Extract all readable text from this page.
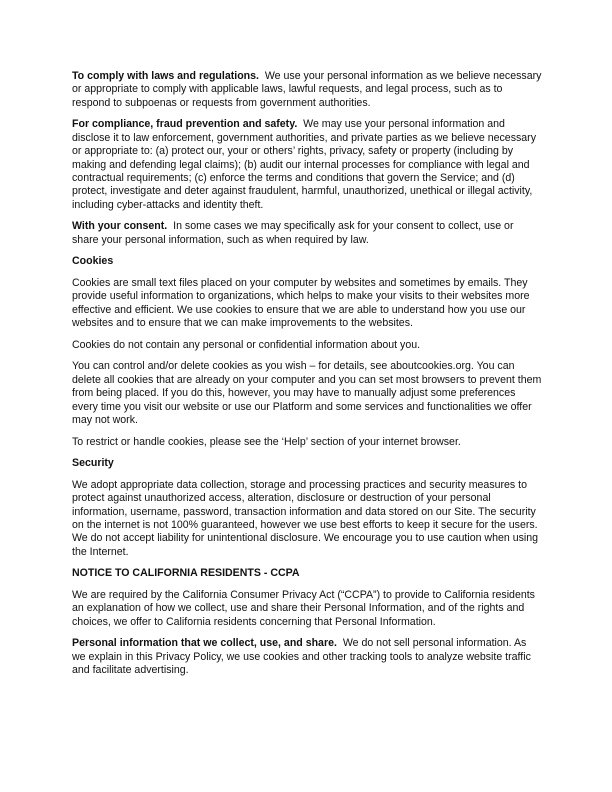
To comply with laws and regulations. We use your personal information as we believe necessary or appropriate to comply with applicable laws, lawful requests, and legal process, such as to respond to subpoenas or requests from government authorities.

For compliance, fraud prevention and safety. We may use your personal information and disclose it to law enforcement, government authorities, and private parties as we believe necessary or appropriate to: (a) protect our, your or others’ rights, privacy, safety or property (including by making and defending legal claims); (b) audit our internal processes for compliance with legal and contractual requirements; (c) enforce the terms and conditions that govern the Service; and (d) protect, investigate and deter against fraudulent, harmful, unauthorized, unethical or illegal activity, including cyber-attacks and identity theft.

With your consent. In some cases we may specifically ask for your consent to collect, use or share your personal information, such as when required by law.

Cookies

Cookies are small text files placed on your computer by websites and sometimes by emails. They provide useful information to organizations, which helps to make your visits to their websites more effective and efficient. We use cookies to ensure that we are able to understand how you use our websites and to ensure that we can make improvements to the websites.

Cookies do not contain any personal or confidential information about you.

You can control and/or delete cookies as you wish – for details, see aboutcookies.org. You can delete all cookies that are already on your computer and you can set most browsers to prevent them from being placed. If you do this, however, you may have to manually adjust some preferences every time you visit our website or use our Platform and some services and functionalities we offer may not work.

To restrict or handle cookies, please see the ‘Help’ section of your internet browser.

Security

We adopt appropriate data collection, storage and processing practices and security measures to protect against unauthorized access, alteration, disclosure or destruction of your personal information, username, password, transaction information and data stored on our Site. The security on the internet is not 100% guaranteed, however we use best efforts to keep it secure for the users. We do not accept liability for unintentional disclosure. We encourage you to use caution when using the Internet.

NOTICE TO CALIFORNIA RESIDENTS - CCPA

We are required by the California Consumer Privacy Act (“CCPA”) to provide to California residents an explanation of how we collect, use and share their Personal Information, and of the rights and choices, we offer to California residents concerning that Personal Information.

Personal information that we collect, use, and share. We do not sell personal information. As we explain in this Privacy Policy, we use cookies and other tracking tools to analyze website traffic and facilitate advertising.
